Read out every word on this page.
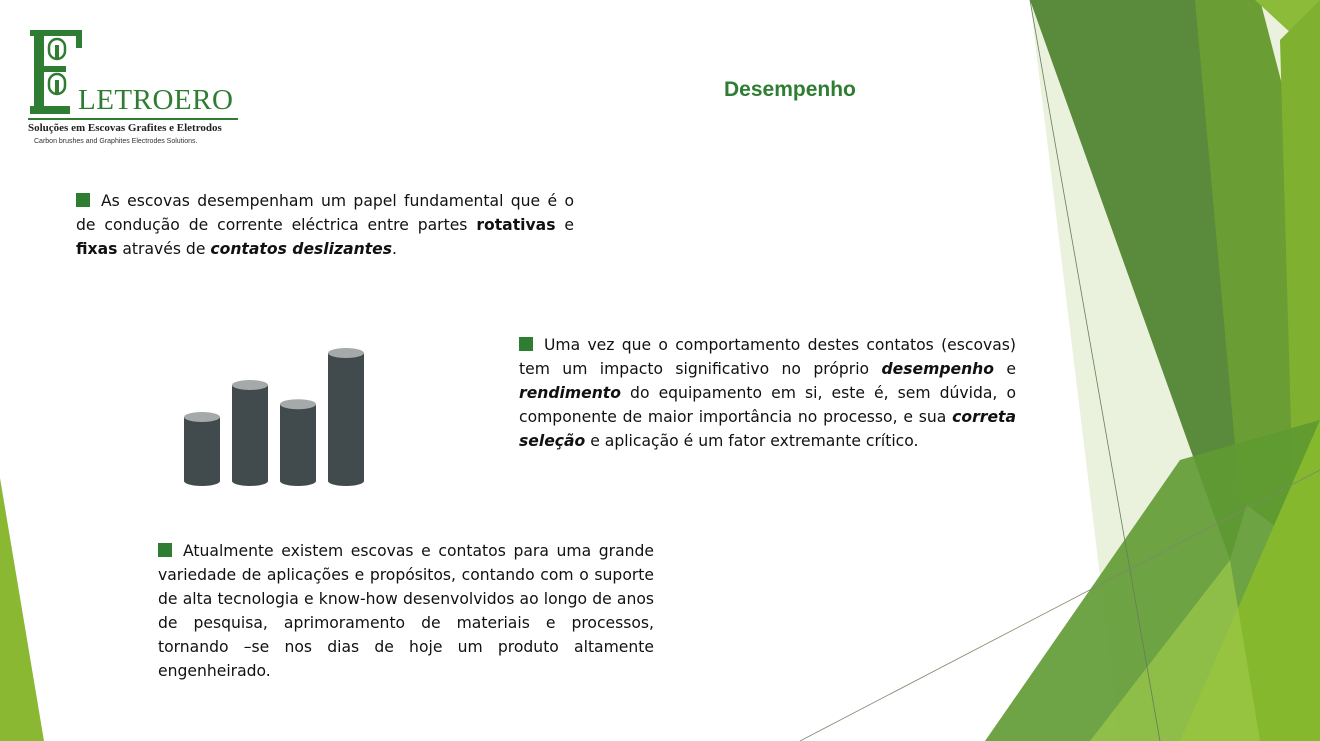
E
LETROERO
Soluções em Escovas Grafites e Eletrodos
Carbon brushes and Graphites Electrodes Solutions.
Desempenho

As escovas desempenham um papel fundamental que é o de condução de corrente eléctrica entre partes rotativas e fixas através de contatos deslizantes.

Uma vez que o comportamento destes contatos (escovas) tem um impacto significativo no próprio desempenho e rendimento do equipamento em si, este é, sem dúvida, o componente de maior importância no processo, e sua correta seleção e aplicação é um fator extremante crítico.

Atualmente existem escovas e contatos para uma grande variedade de aplicações e propósitos, contando com o suporte de alta tecnologia e know-how desenvolvidos ao longo de anos de pesquisa, aprimoramento de materiais e processos, tornando –se nos dias de hoje um produto altamente engenheirado.
